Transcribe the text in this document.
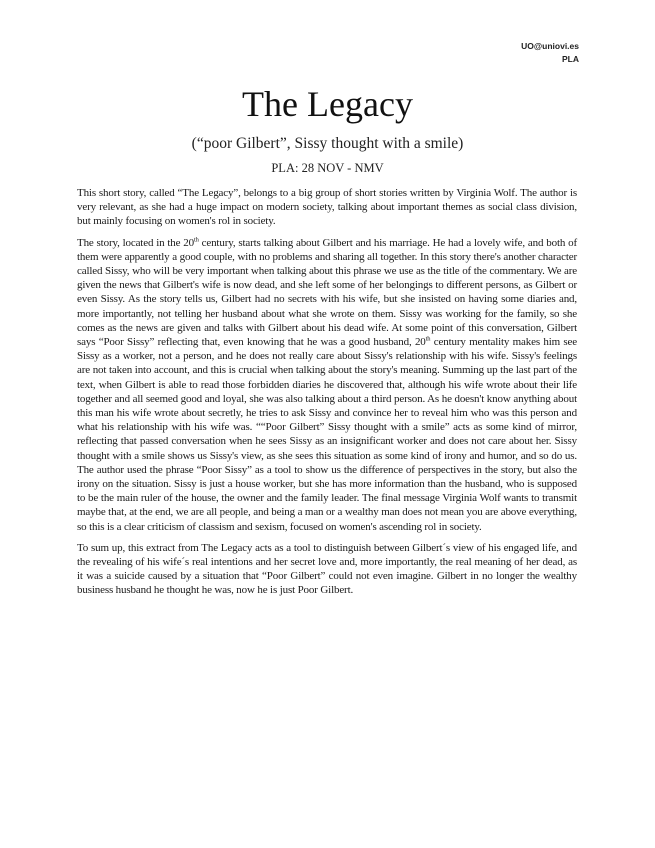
UO@uniovi.es
PLA
The Legacy
(“poor Gilbert”, Sissy thought with a smile)
PLA: 28 NOV - NMV

This short story, called “The Legacy”, belongs to a big group of short stories written by Virginia Wolf. The author is very relevant, as she had a huge impact on modern society, talking about important themes as social class division, but mainly focusing on women's rol in society.

The story, located in the 20th century, starts talking about Gilbert and his marriage. He had a lovely wife, and both of them were apparently a good couple, with no problems and sharing all together. In this story there's another character called Sissy, who will be very important when talking about this phrase we use as the title of the commentary. We are given the news that Gilbert's wife is now dead, and she left some of her belongings to different persons, as Gilbert or even Sissy. As the story tells us, Gilbert had no secrets with his wife, but she insisted on having some diaries and, more importantly, not telling her husband about what she wrote on them. Sissy was working for the family, so she comes as the news are given and talks with Gilbert about his dead wife. At some point of this conversation, Gilbert says “Poor Sissy” reflecting that, even knowing that he was a good husband, 20th century mentality makes him see Sissy as a worker, not a person, and he does not really care about Sissy's relationship with his wife. Sissy's feelings are not taken into account, and this is crucial when talking about the story's meaning. Summing up the last part of the text, when Gilbert is able to read those forbidden diaries he discovered that, although his wife wrote about their life together and all seemed good and loyal, she was also talking about a third person. As he doesn't know anything about this man his wife wrote about secretly, he tries to ask Sissy and convince her to reveal him who was this person and what his relationship with his wife was. ““Poor Gilbert” Sissy thought with a smile” acts as some kind of mirror, reflecting that passed conversation when he sees Sissy as an insignificant worker and does not care about her. Sissy thought with a smile shows us Sissy's view, as she sees this situation as some kind of irony and humor, and so do us. The author used the phrase “Poor Sissy” as a tool to show us the difference of perspectives in the story, but also the irony on the situation. Sissy is just a house worker, but she has more information than the husband, who is supposed to be the main ruler of the house, the owner and the family leader. The final message Virginia Wolf wants to transmit maybe that, at the end, we are all people, and being a man or a wealthy man does not mean you are above everything, so this is a clear criticism of classism and sexism, focused on women's ascending rol in society.

To sum up, this extract from The Legacy acts as a tool to distinguish between Gilbert´s view of his engaged life, and the revealing of his wife´s real intentions and her secret love and, more importantly, the real meaning of her dead, as it was a suicide caused by a situation that “Poor Gilbert” could not even imagine. Gilbert in no longer the wealthy business husband he thought he was, now he is just Poor Gilbert.
